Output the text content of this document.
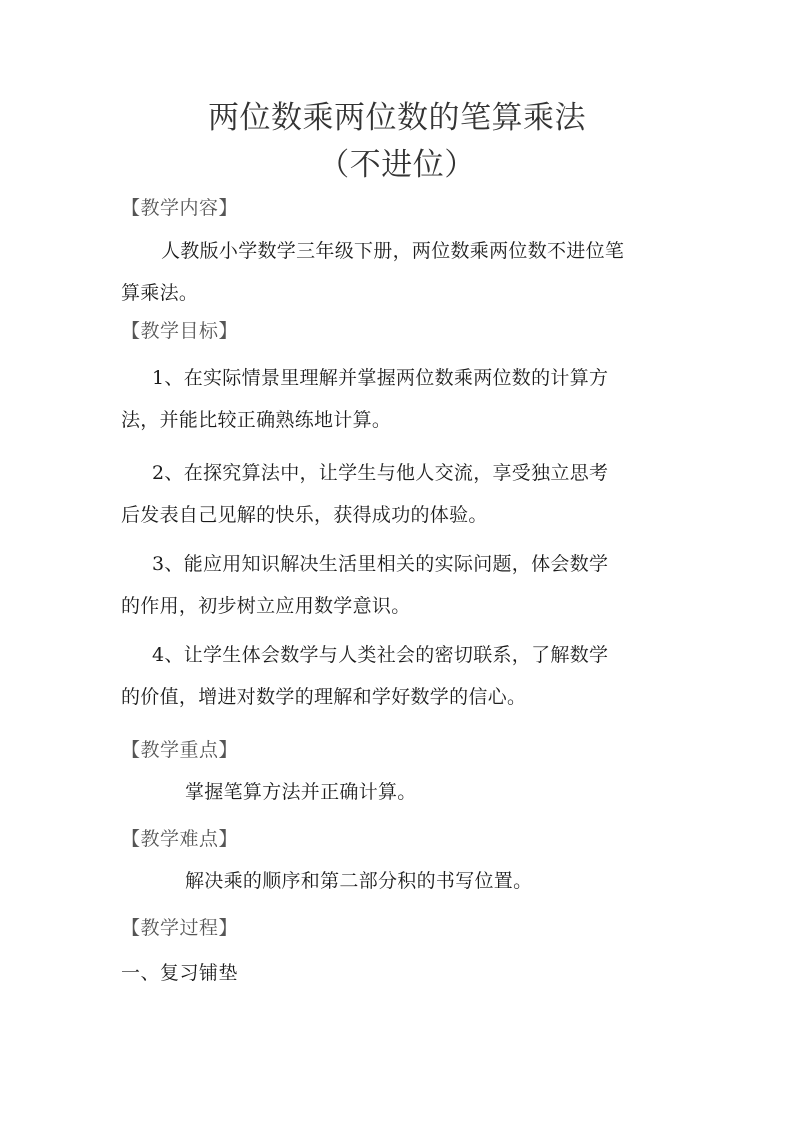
两位数乘两位数的笔算乘法
（不进位）
【教学内容】
人教版小学数学三年级下册，两位数乘两位数不进位笔
算乘法。
【教学目标】
1、在实际情景里理解并掌握两位数乘两位数的计算方
法，并能比较正确熟练地计算。
2、在探究算法中，让学生与他人交流，享受独立思考
后发表自己见解的快乐，获得成功的体验。
3、能应用知识解决生活里相关的实际问题，体会数学
的作用，初步树立应用数学意识。
4、让学生体会数学与人类社会的密切联系，了解数学
的价值，增进对数学的理解和学好数学的信心。
【教学重点】
掌握笔算方法并正确计算。
【教学难点】
解决乘的顺序和第二部分积的书写位置。
【教学过程】
一、复习铺垫
